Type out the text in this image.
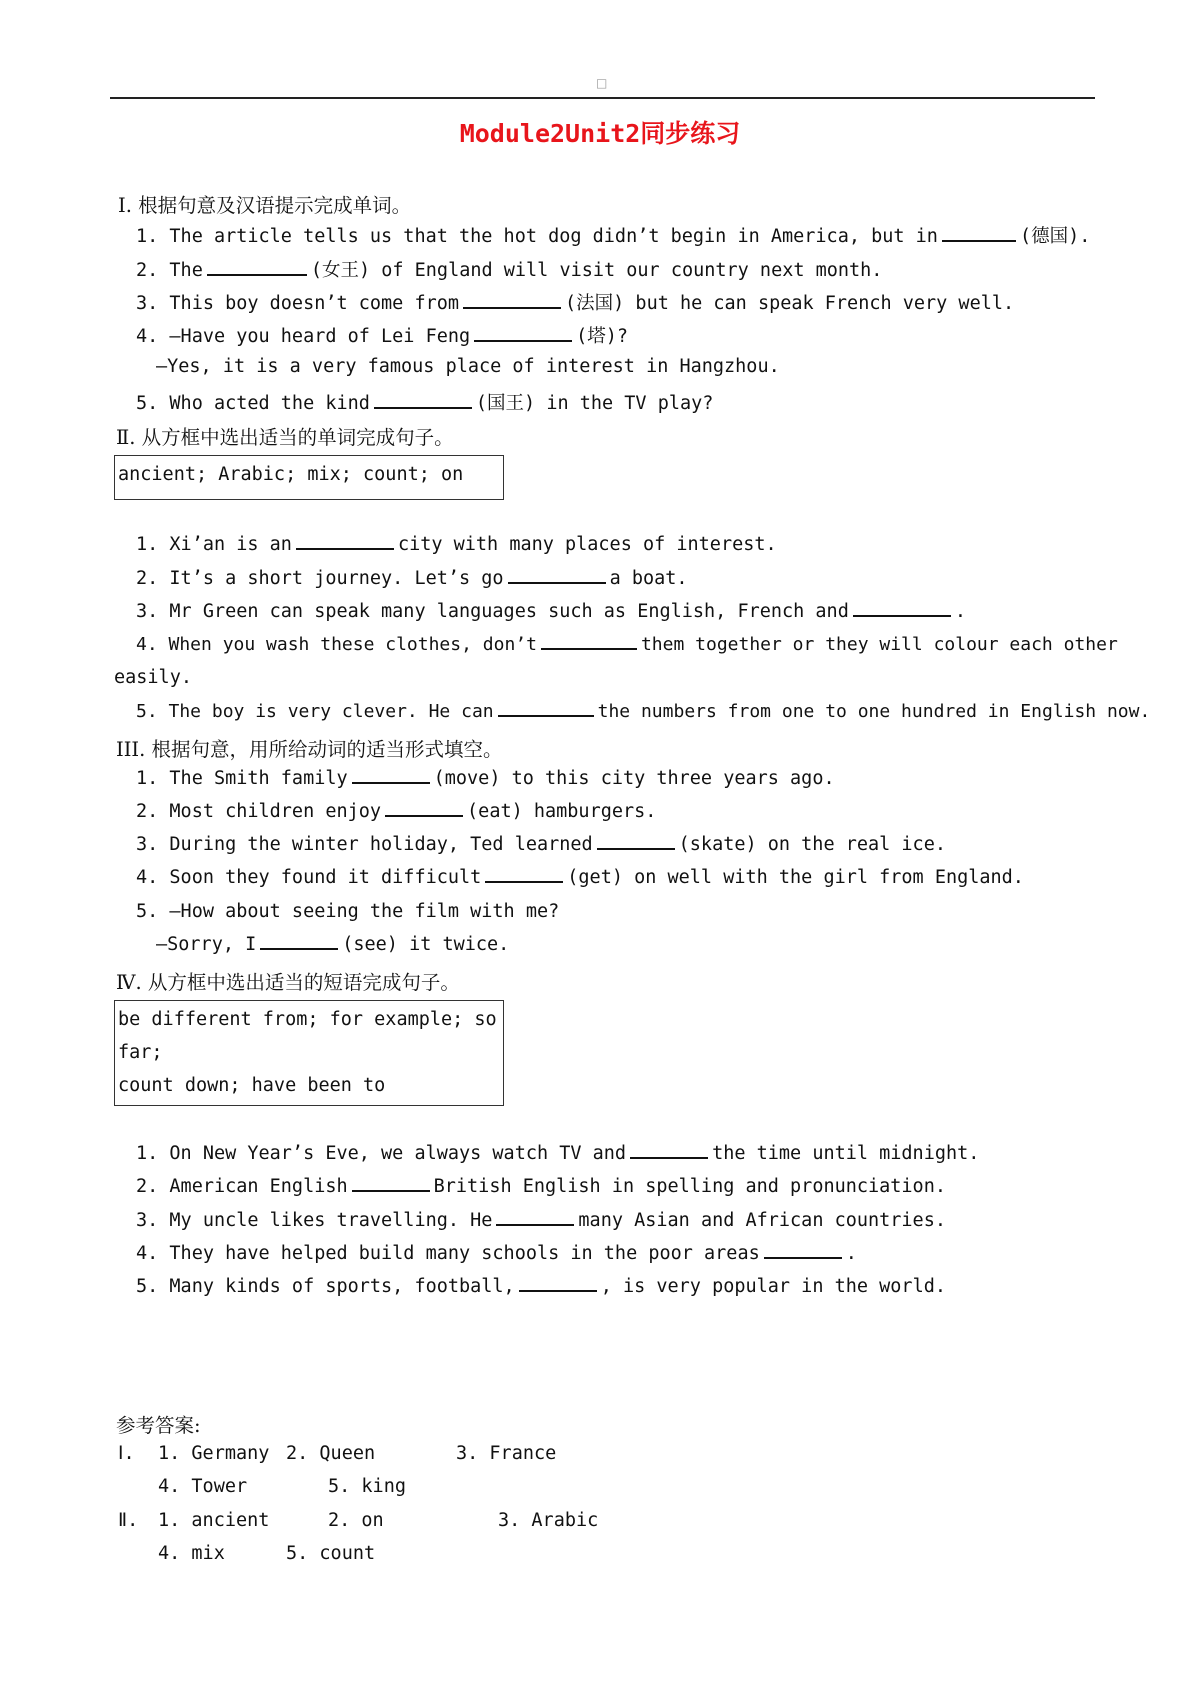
□
Module2Unit2同步练习
Ⅰ. 根据句意及汉语提示完成单词。
1. The article tells us that the hot dog didn’t begin in America, but in	(德国).
2. The	(女王) of England will visit our country next month.
3. This boy doesn’t come from	(法国) but he can speak French very well.
4. —Have you heard of Lei Feng	(塔)?
—Yes, it is a very famous place of interest in Hangzhou.
5. Who acted the kind	(国王) in the TV play?
Ⅱ. 从方框中选出适当的单词完成句子。
ancient; Arabic; mix; count; on
1. Xi’an is an	city with many places of interest.
2. It’s a short journey. Let’s go	a boat.
3. Mr Green can speak many languages such as English, French and	.
4. When you wash these clothes, don’t	them together or they will colour each other
easily.
5. The boy is very clever. He can	the numbers from one to one hundred in English now.
III. 根据句意，用所给动词的适当形式填空。
1. The Smith family	(move) to this city three years ago.
2. Most children enjoy	(eat) hamburgers.
3. During the winter holiday, Ted learned	(skate) on the real ice.
4. Soon they found it difficult	(get) on well with the girl from England.
5. —How about seeing the film with me?
—Sorry, I	(see) it twice.
Ⅳ. 从方框中选出适当的短语完成句子。
be different from; for example; so
far;
count down; have been to
1. On New Year’s Eve, we always watch TV and	the time until midnight.
2. American English	British English in spelling and pronunciation.
3. My uncle likes travelling. He	many Asian and African countries.
4. They have helped build many schools in the poor areas	.
5. Many kinds of sports, football,	, is very popular in the world.
参考答案:
Ⅰ. 1. Germany 2. Queen	3. France
4. Tower	5. king
Ⅱ. 1. ancient	2. on	3. Arabic
4. mix	5. count
